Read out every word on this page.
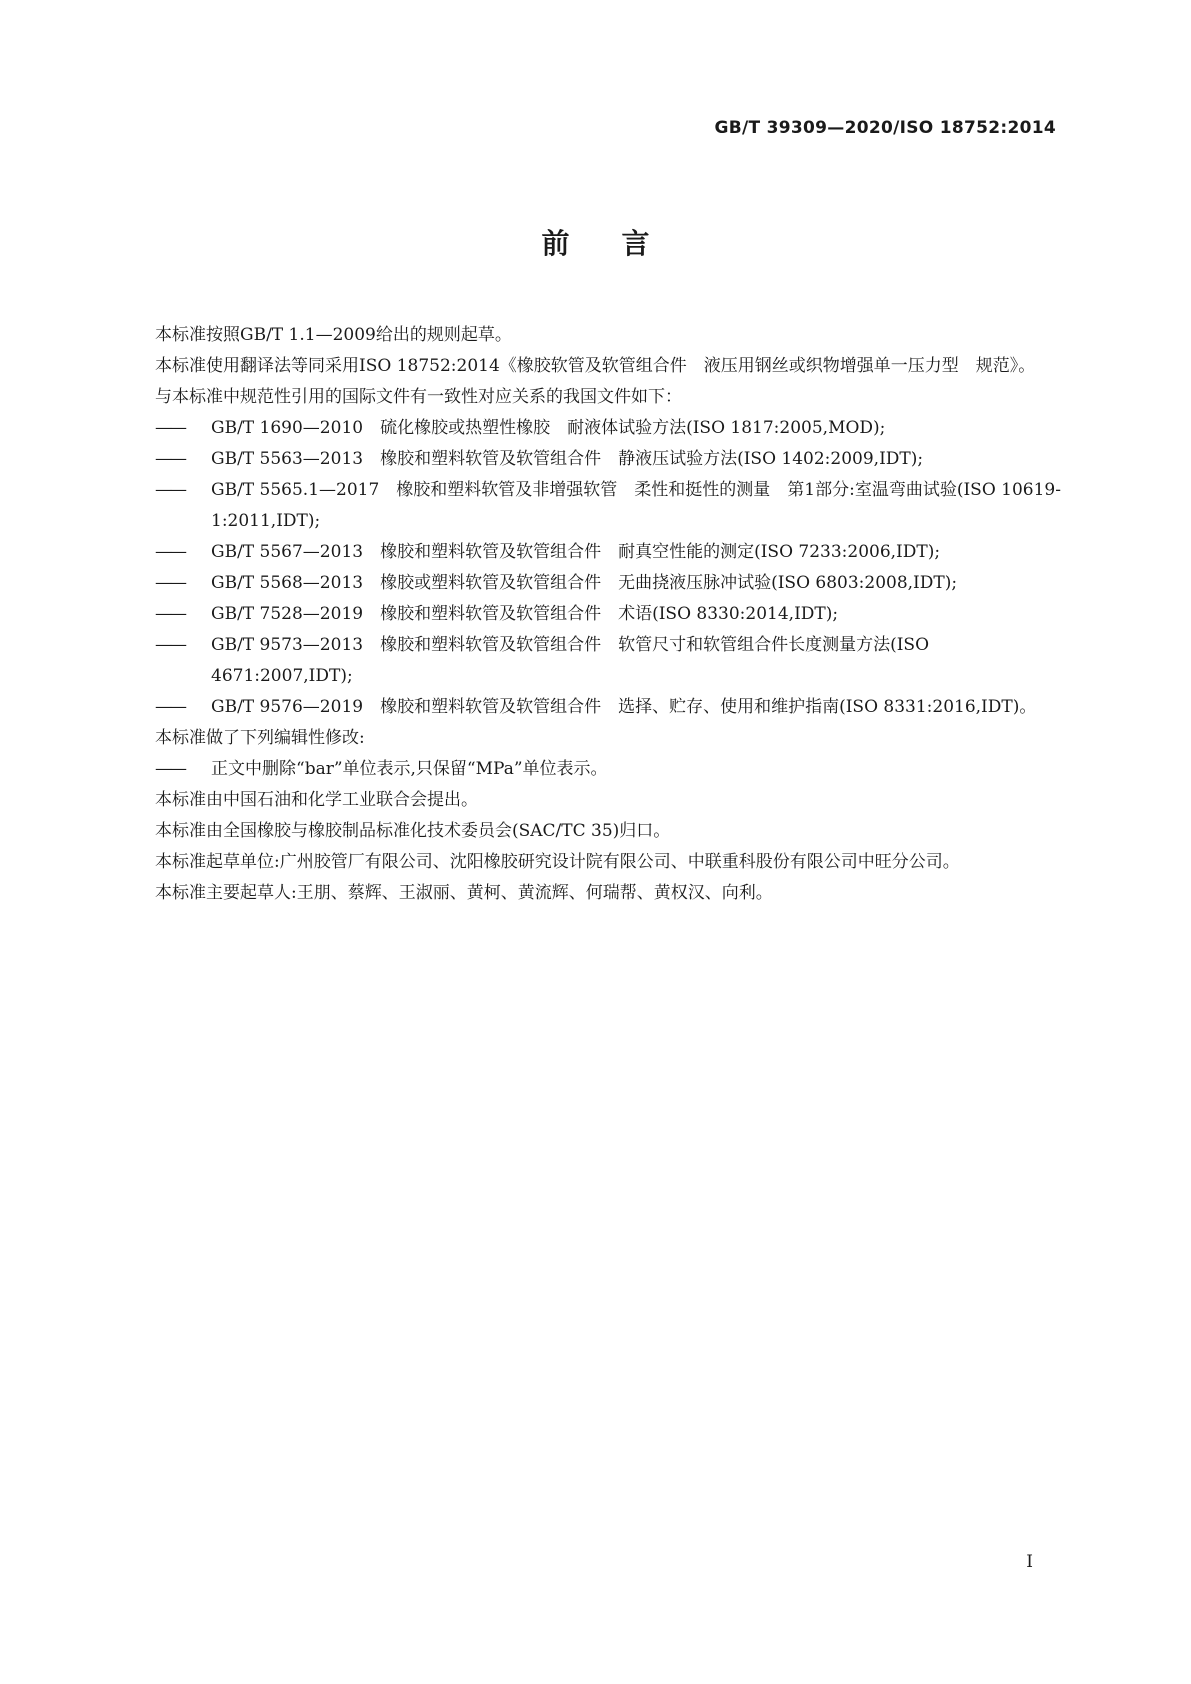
GB/T 39309—2020/ISO 18752:2014
前言

本标准按照GB/T 1.1—2009给出的规则起草。

本标准使用翻译法等同采用ISO 18752:2014《橡胶软管及软管组合件　液压用钢丝或织物增强单一压力型　规范》。

与本标准中规范性引用的国际文件有一致性对应关系的我国文件如下：

——	GB/T 1690—2010　硫化橡胶或热塑性橡胶　耐液体试验方法(ISO 1817:2005,MOD);

——	GB/T 5563—2013　橡胶和塑料软管及软管组合件　静液压试验方法(ISO 1402:2009,IDT);

——	GB/T 5565.1—2017　橡胶和塑料软管及非增强软管　柔性和挺性的测量　第1部分:室温弯曲试验(ISO 10619-1:2011,IDT);

——	GB/T 5567—2013　橡胶和塑料软管及软管组合件　耐真空性能的测定(ISO 7233:2006,IDT);

——	GB/T 5568—2013　橡胶或塑料软管及软管组合件　无曲挠液压脉冲试验(ISO 6803:2008,IDT);

——	GB/T 7528—2019　橡胶和塑料软管及软管组合件　术语(ISO 8330:2014,IDT);

——	GB/T 9573—2013　橡胶和塑料软管及软管组合件　软管尺寸和软管组合件长度测量方法(ISO 4671:2007,IDT);

——	GB/T 9576—2019　橡胶和塑料软管及软管组合件　选择、贮存、使用和维护指南(ISO 8331:2016,IDT)。

本标准做了下列编辑性修改:

——	正文中删除“bar”单位表示,只保留“MPa”单位表示。

本标准由中国石油和化学工业联合会提出。

本标准由全国橡胶与橡胶制品标准化技术委员会(SAC/TC 35)归口。

本标准起草单位:广州胶管厂有限公司、沈阳橡胶研究设计院有限公司、中联重科股份有限公司中旺分公司。

本标准主要起草人:王朋、蔡辉、王淑丽、黄柯、黄流辉、何瑞帮、黄权汉、向利。

I
